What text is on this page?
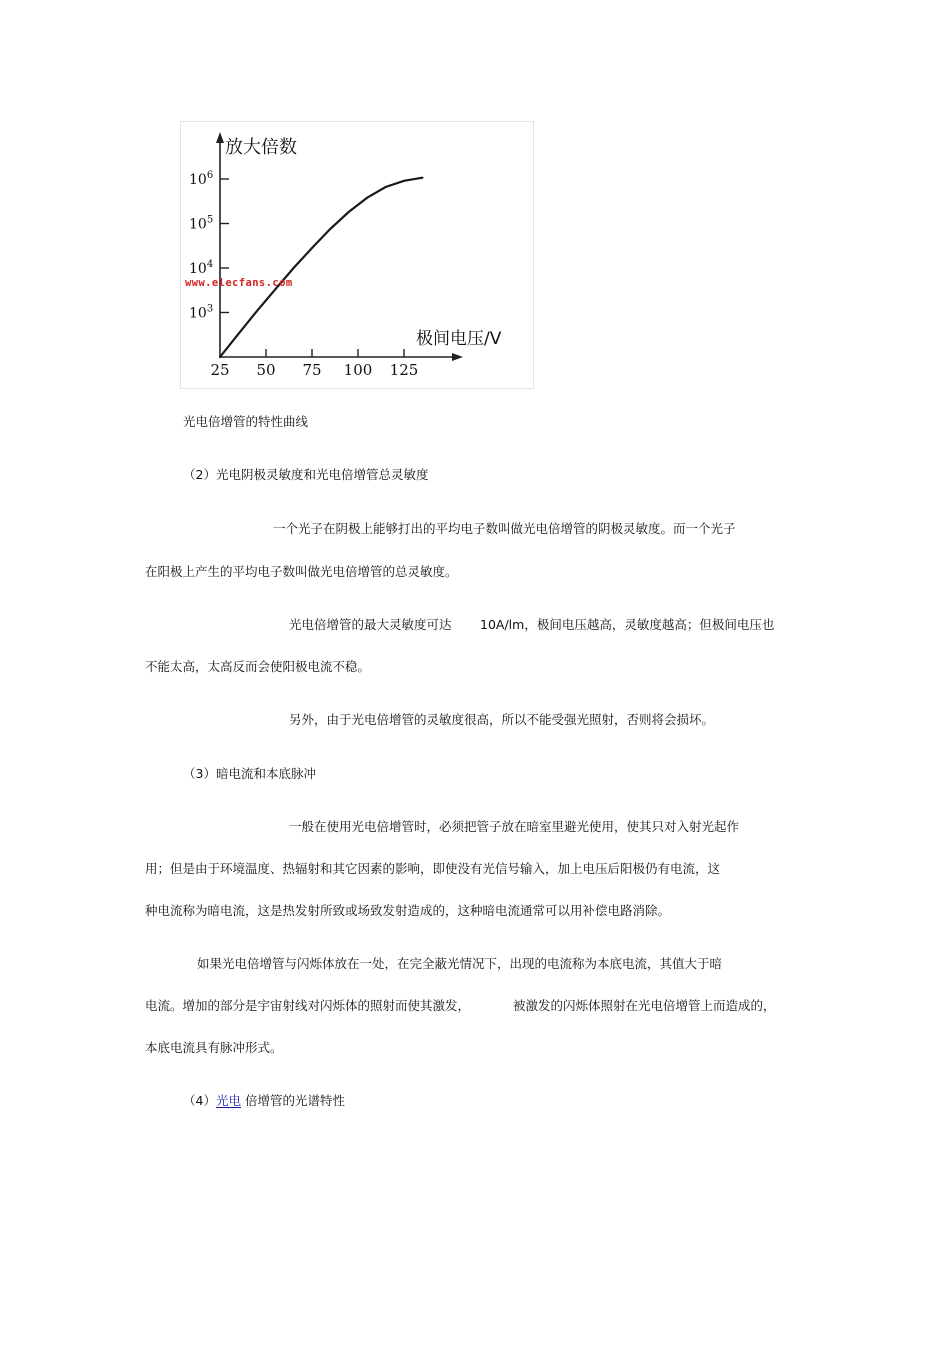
放大倍数
极间电压/V
25 50 75 100 125
$10^3$
$10^4$
$10^5$
$10^6$
www.elecfans.com
光电倍增管的特性曲线
（2）光电阴极灵敏度和光电倍增管总灵敏度
一个光子在阴极上能够打出的平均电子数叫做光电倍增管的阴极灵敏度。而一个光子
在阳极上产生的平均电子数叫做光电倍增管的总灵敏度。
光电倍增管的最大灵敏度可达 10A/lm，极间电压越高，灵敏度越高；但极间电压也
不能太高，太高反而会使阳极电流不稳。
另外，由于光电倍增管的灵敏度很高，所以不能受强光照射，否则将会损坏。
（3）暗电流和本底脉冲
一般在使用光电倍增管时，必须把管子放在暗室里避光使用，使其只对入射光起作
用；但是由于环境温度、热辐射和其它因素的影响，即使没有光信号输入，加上电压后阳极仍有电流，这
种电流称为暗电流，这是热发射所致或场致发射造成的，这种暗电流通常可以用补偿电路消除。
如果光电倍增管与闪烁体放在一处，在完全蔽光情况下，出现的电流称为本底电流，其值大于暗
电流。增加的部分是宇宙射线对闪烁体的照射而使其激发，	被激发的闪烁体照射在光电倍增管上而造成的，
本底电流具有脉冲形式。
（4）光电 倍增管的光谱特性
